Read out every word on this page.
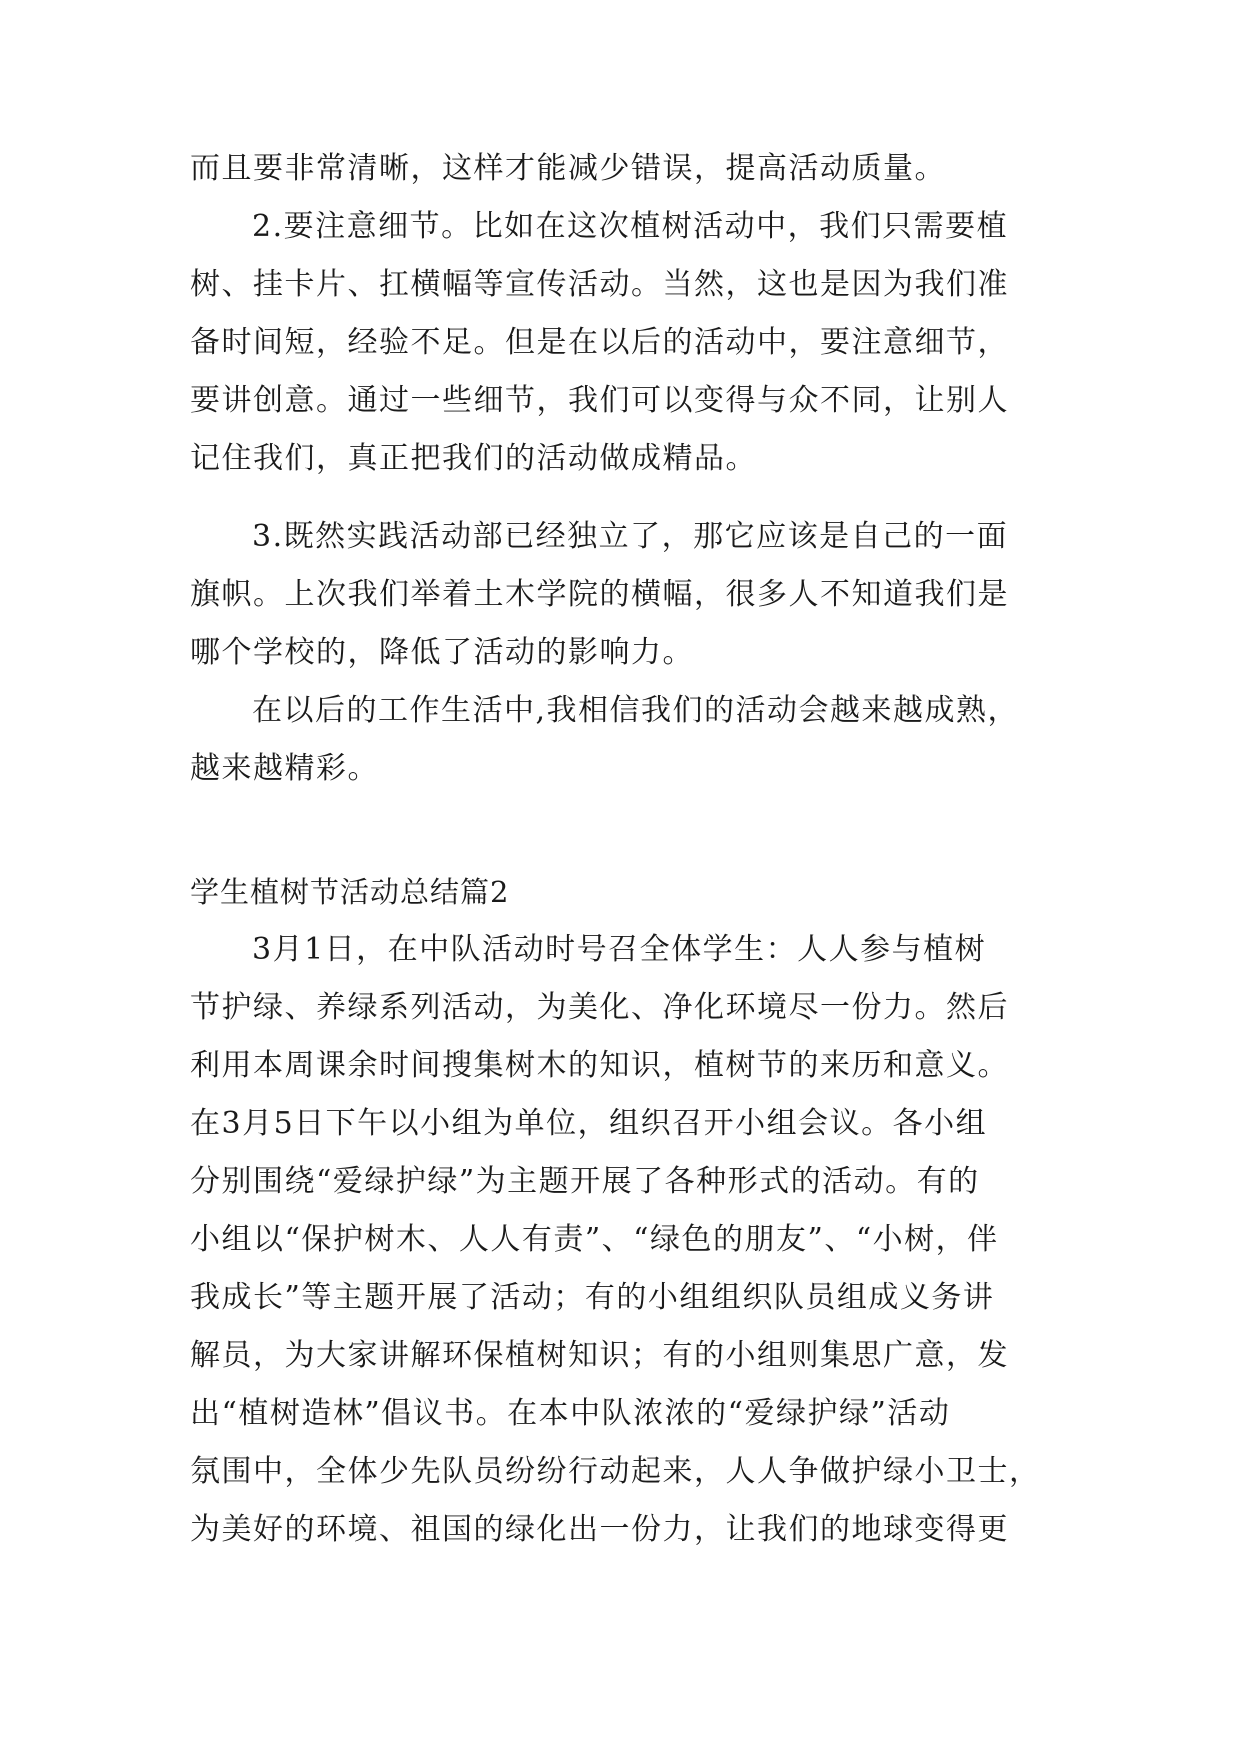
而且要非常清晰，这样才能减少错误，提高活动质量。
2.要注意细节。比如在这次植树活动中，我们只需要植
树、挂卡片、扛横幅等宣传活动。当然，这也是因为我们准
备时间短，经验不足。但是在以后的活动中，要注意细节，
要讲创意。通过一些细节，我们可以变得与众不同，让别人
记住我们，真正把我们的活动做成精品。
3.既然实践活动部已经独立了，那它应该是自己的一面
旗帜。上次我们举着土木学院的横幅，很多人不知道我们是
哪个学校的，降低了活动的影响力。
在以后的工作生活中,我相信我们的活动会越来越成熟，
越来越精彩。
学生植树节活动总结篇2
3月1日，在中队活动时号召全体学生：人人参与植树
节护绿、养绿系列活动，为美化、净化环境尽一份力。然后
利用本周课余时间搜集树木的知识，植树节的来历和意义。
在3月5日下午以小组为单位，组织召开小组会议。各小组
分别围绕“爱绿护绿”为主题开展了各种形式的活动。有的
小组以“保护树木、人人有责”、“绿色的朋友”、“小树，伴
我成长”等主题开展了活动；有的小组组织队员组成义务讲
解员，为大家讲解环保植树知识；有的小组则集思广意，发
出“植树造林”倡议书。在本中队浓浓的“爱绿护绿”活动
氛围中，全体少先队员纷纷行动起来，人人争做护绿小卫士，
为美好的环境、祖国的绿化出一份力，让我们的地球变得更
